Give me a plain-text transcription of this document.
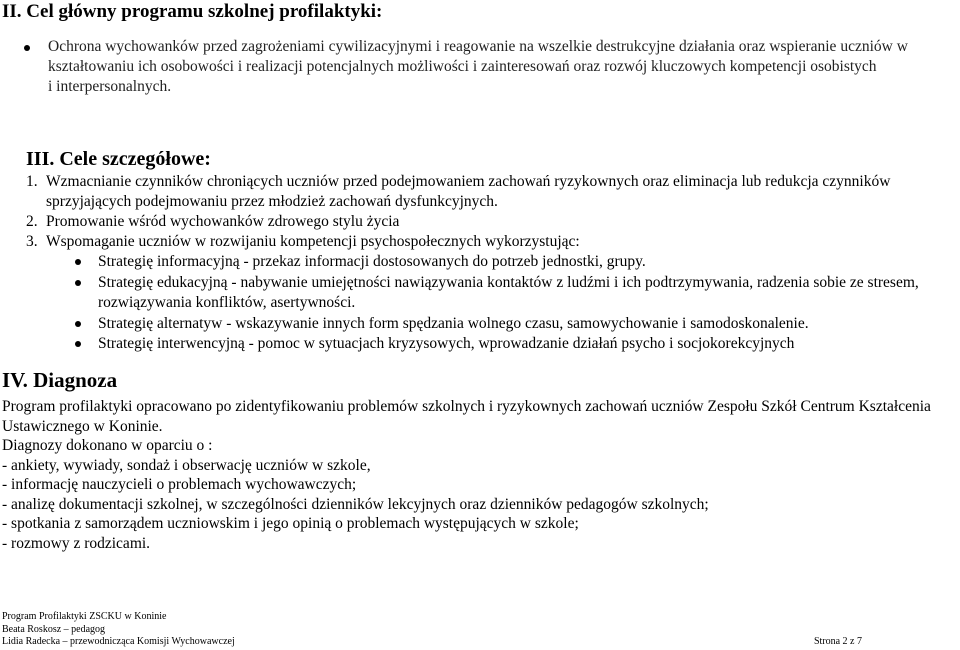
II. Cel główny programu szkolnej profilaktyki:
Ochrona wychowanków przed zagrożeniami cywilizacyjnymi i reagowanie na wszelkie destrukcyjne działania oraz wspieranie uczniów w
kształtowaniu ich osobowości i realizacji potencjalnych możliwości i zainteresowań oraz rozwój kluczowych kompetencji osobistych
i interpersonalnych.
III. Cele szczegółowe:
1. Wzmacnianie czynników chroniących uczniów przed podejmowaniem zachowań ryzykownych oraz eliminacja lub redukcja czynników
sprzyjających podejmowaniu przez młodzież zachowań dysfunkcyjnych.
2. Promowanie wśród wychowanków zdrowego stylu życia
3. Wspomaganie uczniów w rozwijaniu kompetencji psychospołecznych wykorzystując:
Strategię informacyjną - przekaz informacji dostosowanych do potrzeb jednostki, grupy.
Strategię edukacyjną - nabywanie umiejętności nawiązywania kontaktów z ludźmi i ich podtrzymywania, radzenia sobie ze stresem,
rozwiązywania konfliktów, asertywności.
Strategię alternatyw - wskazywanie innych form spędzania wolnego czasu, samowychowanie i samodoskonalenie.
Strategię interwencyjną - pomoc w sytuacjach kryzysowych, wprowadzanie działań psycho i socjokorekcyjnych
IV. Diagnoza
Program profilaktyki opracowano po zidentyfikowaniu problemów szkolnych i ryzykownych zachowań uczniów Zespołu Szkół Centrum Kształcenia
Ustawicznego w Koninie.
Diagnozy dokonano w oparciu o :
- ankiety, wywiady, sondaż i obserwację uczniów w szkole,
- informację nauczycieli o problemach wychowawczych;
- analizę dokumentacji szkolnej, w szczególności dzienników lekcyjnych oraz dzienników pedagogów szkolnych;
- spotkania z samorządem uczniowskim i jego opinią o problemach występujących w szkole;
- rozmowy z rodzicami.
Program Profilaktyki ZSCKU w Koninie
Beata Roskosz – pedagog
Lidia Radecka – przewodnicząca Komisji Wychowawczej	Strona 2 z 7
